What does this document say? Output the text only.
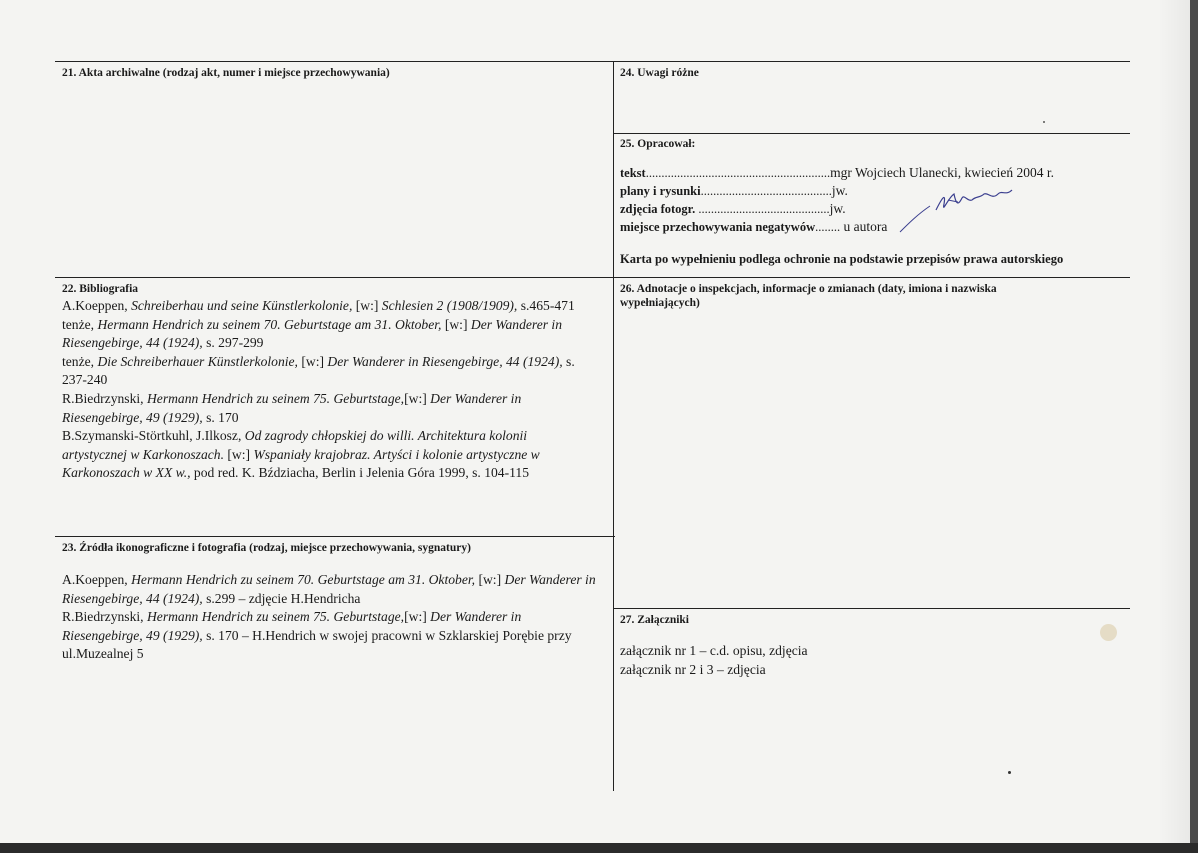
21. Akta archiwalne (rodzaj akt, numer i miejsce przechowywania)
22. Bibliografia

A.Koeppen, Schreiberhau und seine Künstlerkolonie, [w:] Schlesien 2 (1908/1909), s.465-471

tenże, Hermann Hendrich zu seinem 70. Geburtstage am 31. Oktober, [w:] Der Wanderer in Riesengebirge, 44 (1924), s. 297-299

tenże, Die Schreiberhauer Künstlerkolonie, [w:] Der Wanderer in Riesengebirge, 44 (1924), s. 237-240

R.Biedrzynski, Hermann Hendrich zu seinem 75. Geburtstage,[w:] Der Wanderer in Riesengebirge, 49 (1929), s. 170

B.Szymanski-Störtkuhl, J.Ilkosz, Od zagrody chłopskiej do willi. Architektura kolonii artystycznej w Karkonoszach. [w:] Wspaniały krajobraz. Artyści i kolonie artystyczne w Karkonoszach w XX w., pod red. K. Bździacha, Berlin i Jelenia Góra 1999, s. 104-115

23. Źródła ikonograficzne i fotografia (rodzaj, miejsce przechowywania, sygnatury)

A.Koeppen, Hermann Hendrich zu seinem 70. Geburtstage am 31. Oktober, [w:] Der Wanderer in Riesengebirge, 44 (1924), s.299 – zdjęcie H.Hendricha

R.Biedrzynski, Hermann Hendrich zu seinem 75. Geburtstage,[w:] Der Wanderer in Riesengebirge, 49 (1929), s. 170 – H.Hendrich w swojej pracowni w Szklarskiej Porębie przy ul.Muzealnej 5

24. Uwagi różne
25. Opracował:
tekst...........................................................mgr Wojciech Ulanecki, kwiecień 2004 r.
plany i rysunki..........................................jw.
zdjęcia fotogr. ..........................................jw.
miejsce przechowywania negatywów........ u autora
Karta po wypełnieniu podlega ochronie na podstawie przepisów prawa autorskiego
26. Adnotacje o inspekcjach, informacje o zmianach (daty, imiona i nazwiska wypełniających)
27. Załączniki
załącznik nr 1 – c.d. opisu, zdjęcia
załącznik nr 2 i 3 – zdjęcia
